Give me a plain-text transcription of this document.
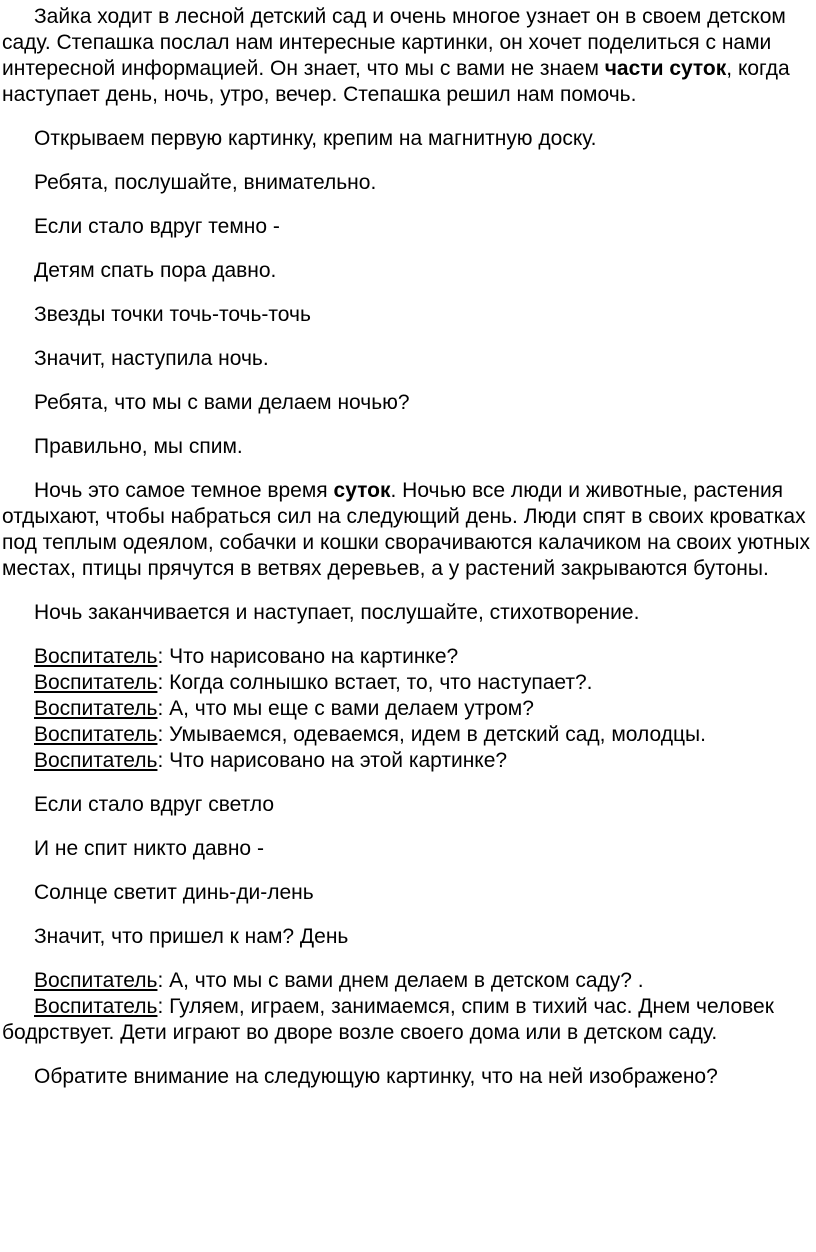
Зайка ходит в лесной детский сад и очень многое узнает он в своем детском саду. Степашка послал нам интересные картинки, он хочет поделиться с нами интересной информацией. Он знает, что мы с вами не знаем части суток, когда наступает день, ночь, утро, вечер. Степашка решил нам помочь.

Открываем первую картинку, крепим на магнитную доску.

Ребята, послушайте, внимательно.

Если стало вдруг темно -

Детям спать пора давно.

Звезды точки точь-точь-точь

Значит, наступила ночь.

Ребята, что мы с вами делаем ночью?

Правильно, мы спим.

Ночь это самое темное время суток. Ночью все люди и животные, растения отдыхают, чтобы набраться сил на следующий день. Люди спят в своих кроватках под теплым одеялом, собачки и кошки сворачиваются калачиком на своих уютных местах, птицы прячутся в ветвях деревьев, а у растений закрываются бутоны.

Ночь заканчивается и наступает, послушайте, стихотворение.

Воспитатель: Что нарисовано на картинке?

Воспитатель: Когда солнышко встает, то, что наступает?.

Воспитатель: А, что мы еще с вами делаем утром?

Воспитатель: Умываемся, одеваемся, идем в детский сад, молодцы.

Воспитатель: Что нарисовано на этой картинке?

Если стало вдруг светло

И не спит никто давно -

Солнце светит динь-ди-лень

Значит, что пришел к нам? День

Воспитатель: А, что мы с вами днем делаем в детском саду? .

Воспитатель: Гуляем, играем, занимаемся, спим в тихий час. Днем человек бодрствует. Дети играют во дворе возле своего дома или в детском саду.

Обратите внимание на следующую картинку, что на ней изображено?
